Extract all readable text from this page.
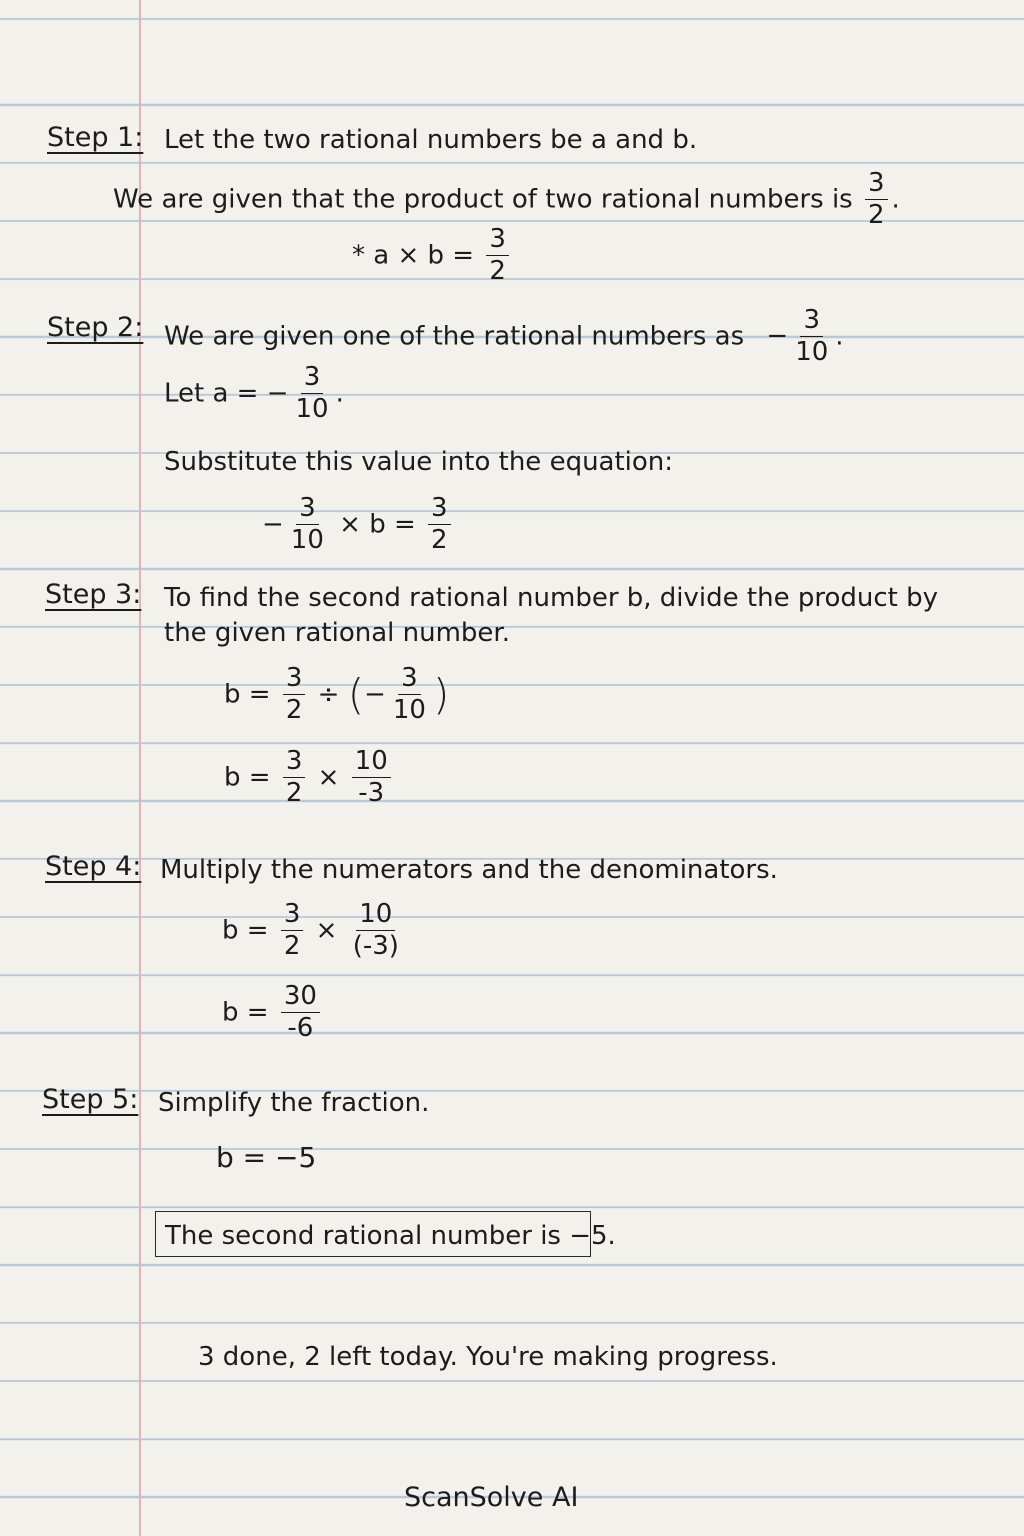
Step 1: Let the two rational numbers be a and b.
We are given that the product of two rational numbers is $\frac{3}{2}$ .
* $a \times b = \frac{3}{2}$
Step 2: We are given one of the rational numbers as − $\frac{3}{10}$ .
Let a = − $\frac{3}{10}$ .
Substitute this value into the equation:
− $\frac{3}{10} \times b = \frac{3}{2}$
Step 3: To find the second rational number b, divide the product by
the given rational number.
$b = \frac{3}{2}$ ÷ (− $\frac{3}{10}$ )
$b = \frac{3}{2} \times \frac{10}{-3}$
Step 4: Multiply the numerators and the denominators.
$b = \frac{3}{2} \times \frac{10}{(-3)}$
$b = \frac{30}{-6}$
Step 5: Simplify the fraction.
b = −5
The second rational number is −5.
3 done, 2 left today. You're making progress.
ScanSolve AI
